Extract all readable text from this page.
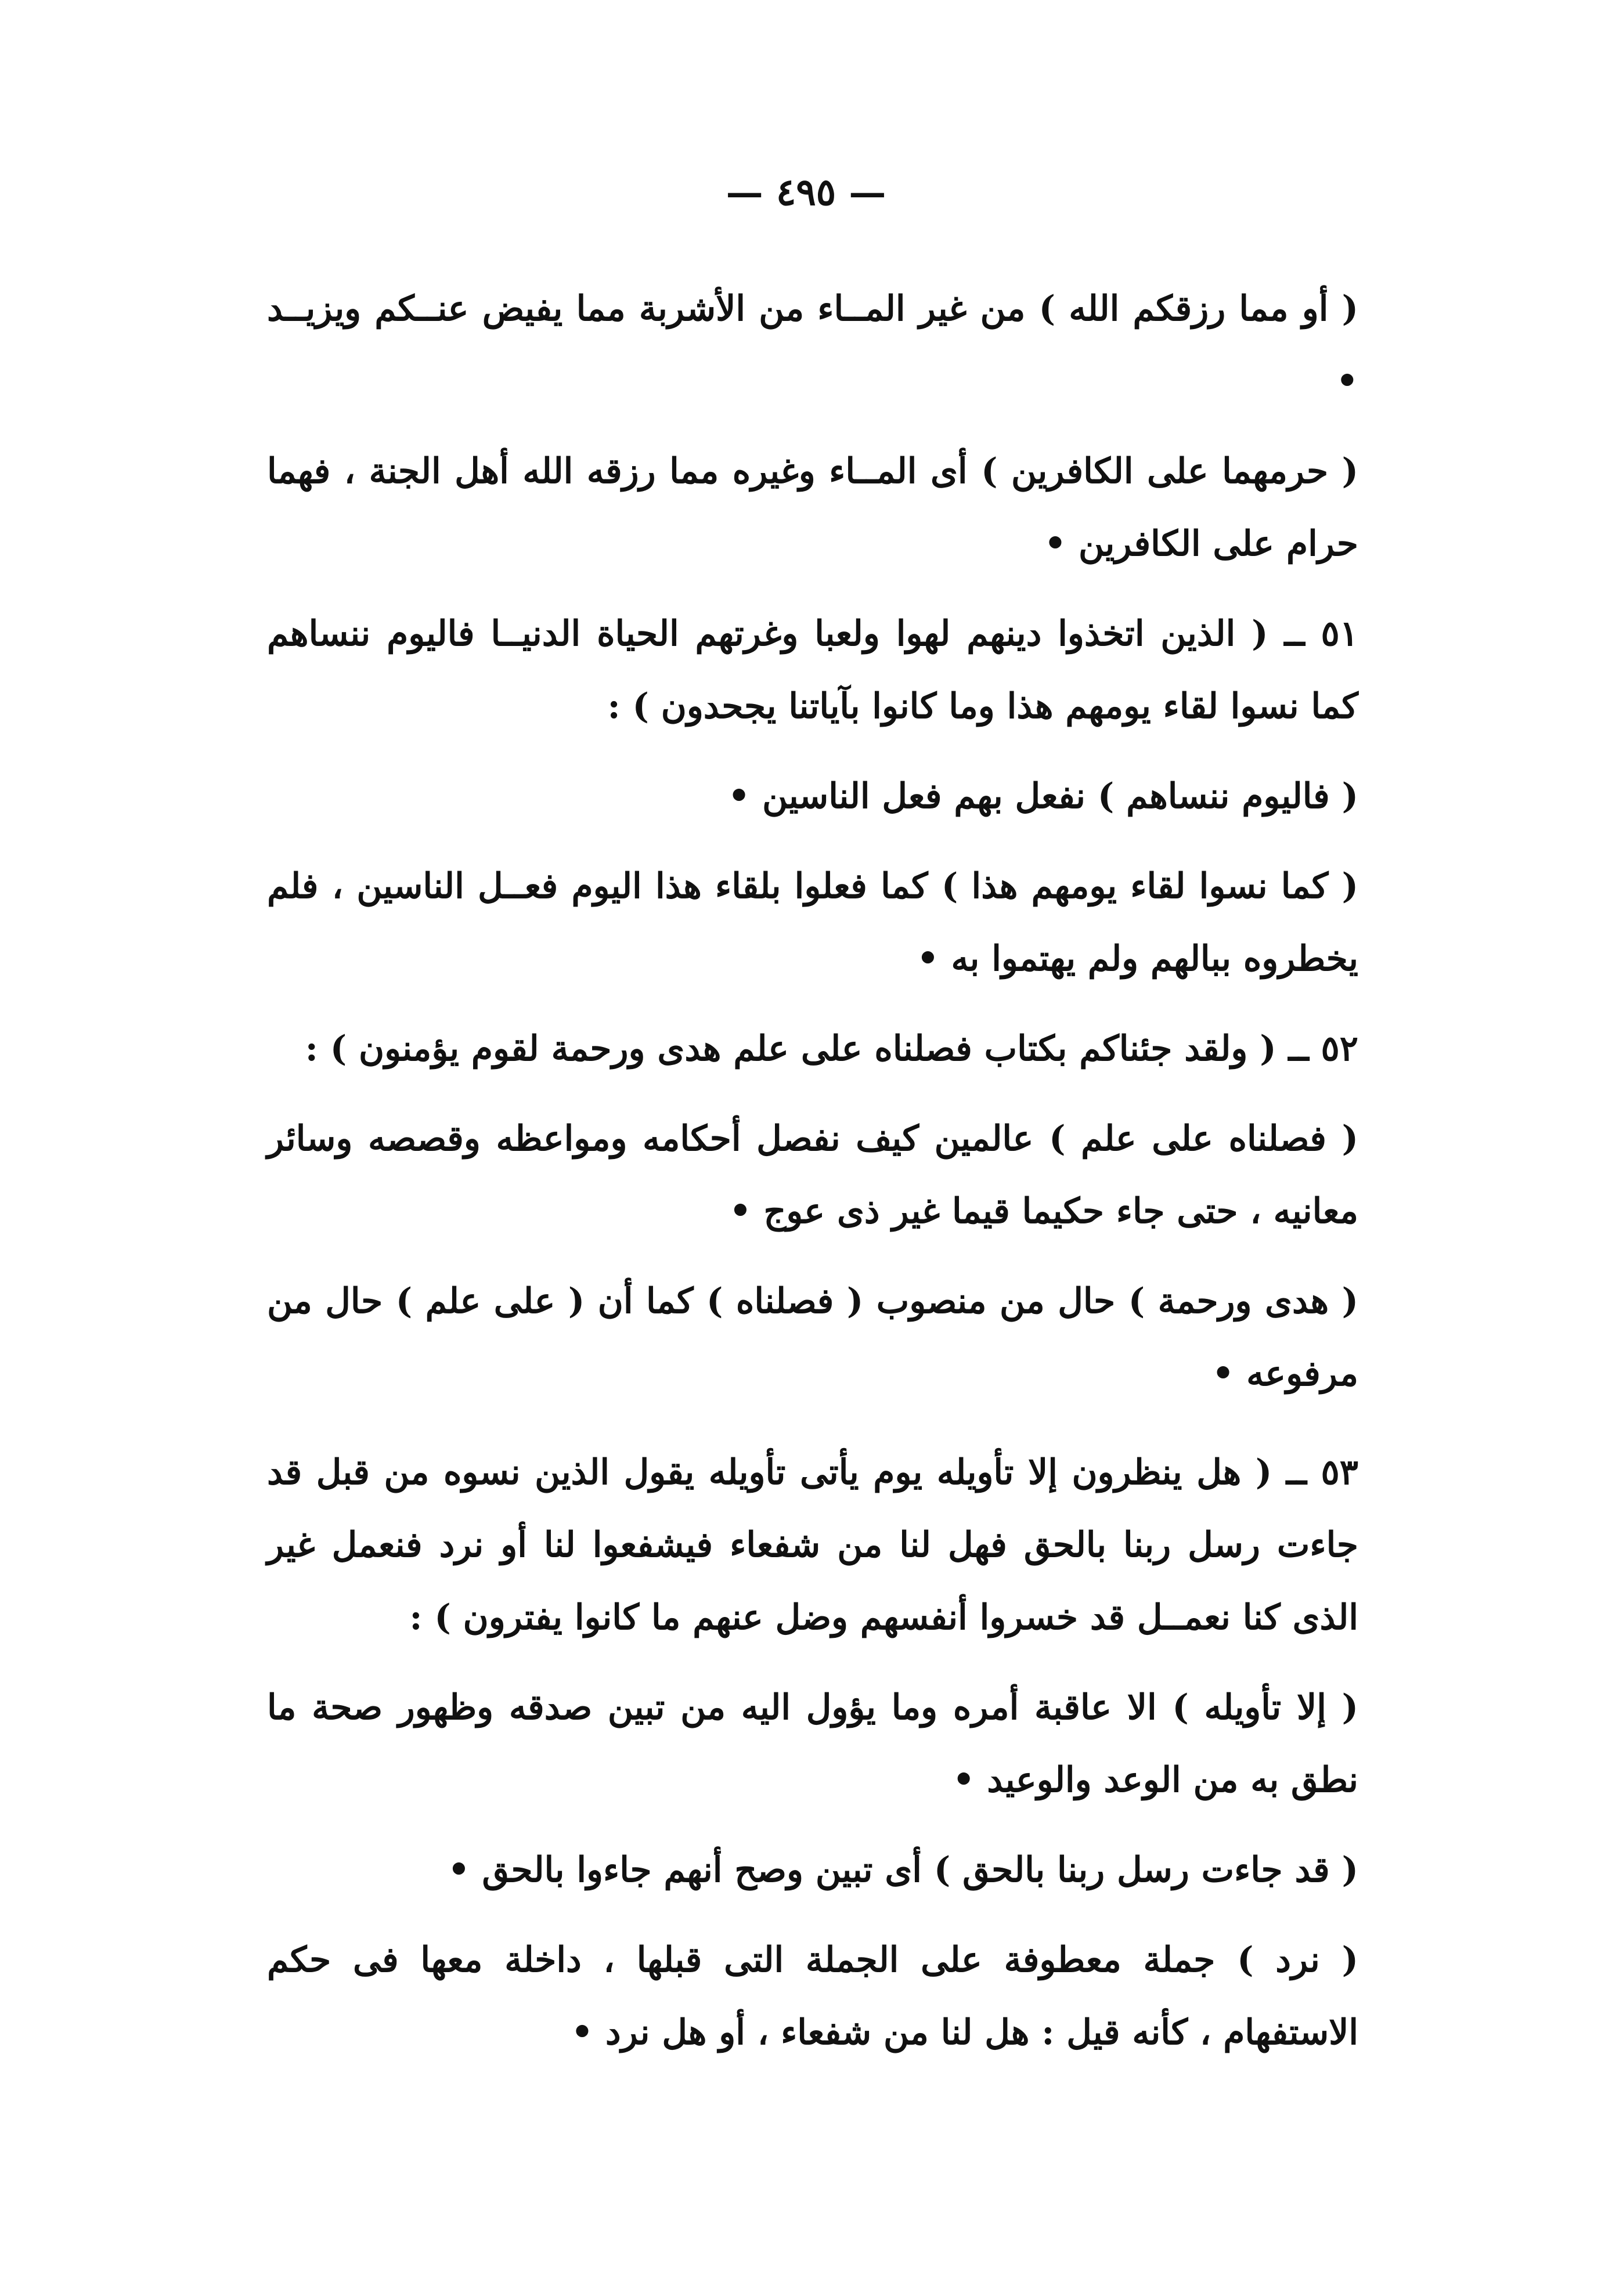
— ٤٩٥ —

( أو مما رزقكم الله ) من غير المــاء من الأشربة مما يفيض عنــكم ويزيــد •

( حرمهما على الكافرين ) أى المــاء وغيره مما رزقه الله أهل الجنة ، فهما حرام على الكافرين •

٥١ ــ ( الذين اتخذوا دينهم لهوا ولعبا وغرتهم الحياة الدنيــا فاليوم ننساهم كما نسوا لقاء يومهم هذا وما كانوا بآياتنا يجحدون ) :

( فاليوم ننساهم ) نفعل بهم فعل الناسين •

( كما نسوا لقاء يومهم هذا ) كما فعلوا بلقاء هذا اليوم فعــل الناسين ، فلم يخطروه ببالهم ولم يهتموا به •

٥٢ ــ ( ولقد جئناكم بكتاب فصلناه على علم هدى ورحمة لقوم يؤمنون ) :

( فصلناه على علم ) عالمين كيف نفصل أحكامه ومواعظه وقصصه وسائر معانيه ، حتى جاء حكيما قيما غير ذى عوج •

( هدى ورحمة ) حال من منصوب ( فصلناه ) كما أن ( على علم ) حال من مرفوعه •

٥٣ ــ ( هل ينظرون إلا تأويله يوم يأتى تأويله يقول الذين نسوه من قبل قد جاءت رسل ربنا بالحق فهل لنا من شفعاء فيشفعوا لنا أو نرد فنعمل غير الذى كنا نعمــل قد خسروا أنفسهم وضل عنهم ما كانوا يفترون ) :

( إلا تأويله ) الا عاقبة أمره وما يؤول اليه من تبين صدقه وظهور صحة ما نطق به من الوعد والوعيد •

( قد جاءت رسل ربنا بالحق ) أى تبين وصح أنهم جاءوا بالحق •

( نرد ) جملة معطوفة على الجملة التى قبلها ، داخلة معها فى حكم الاستفهام ، كأنه قيل : هل لنا من شفعاء ، أو هل نرد •
